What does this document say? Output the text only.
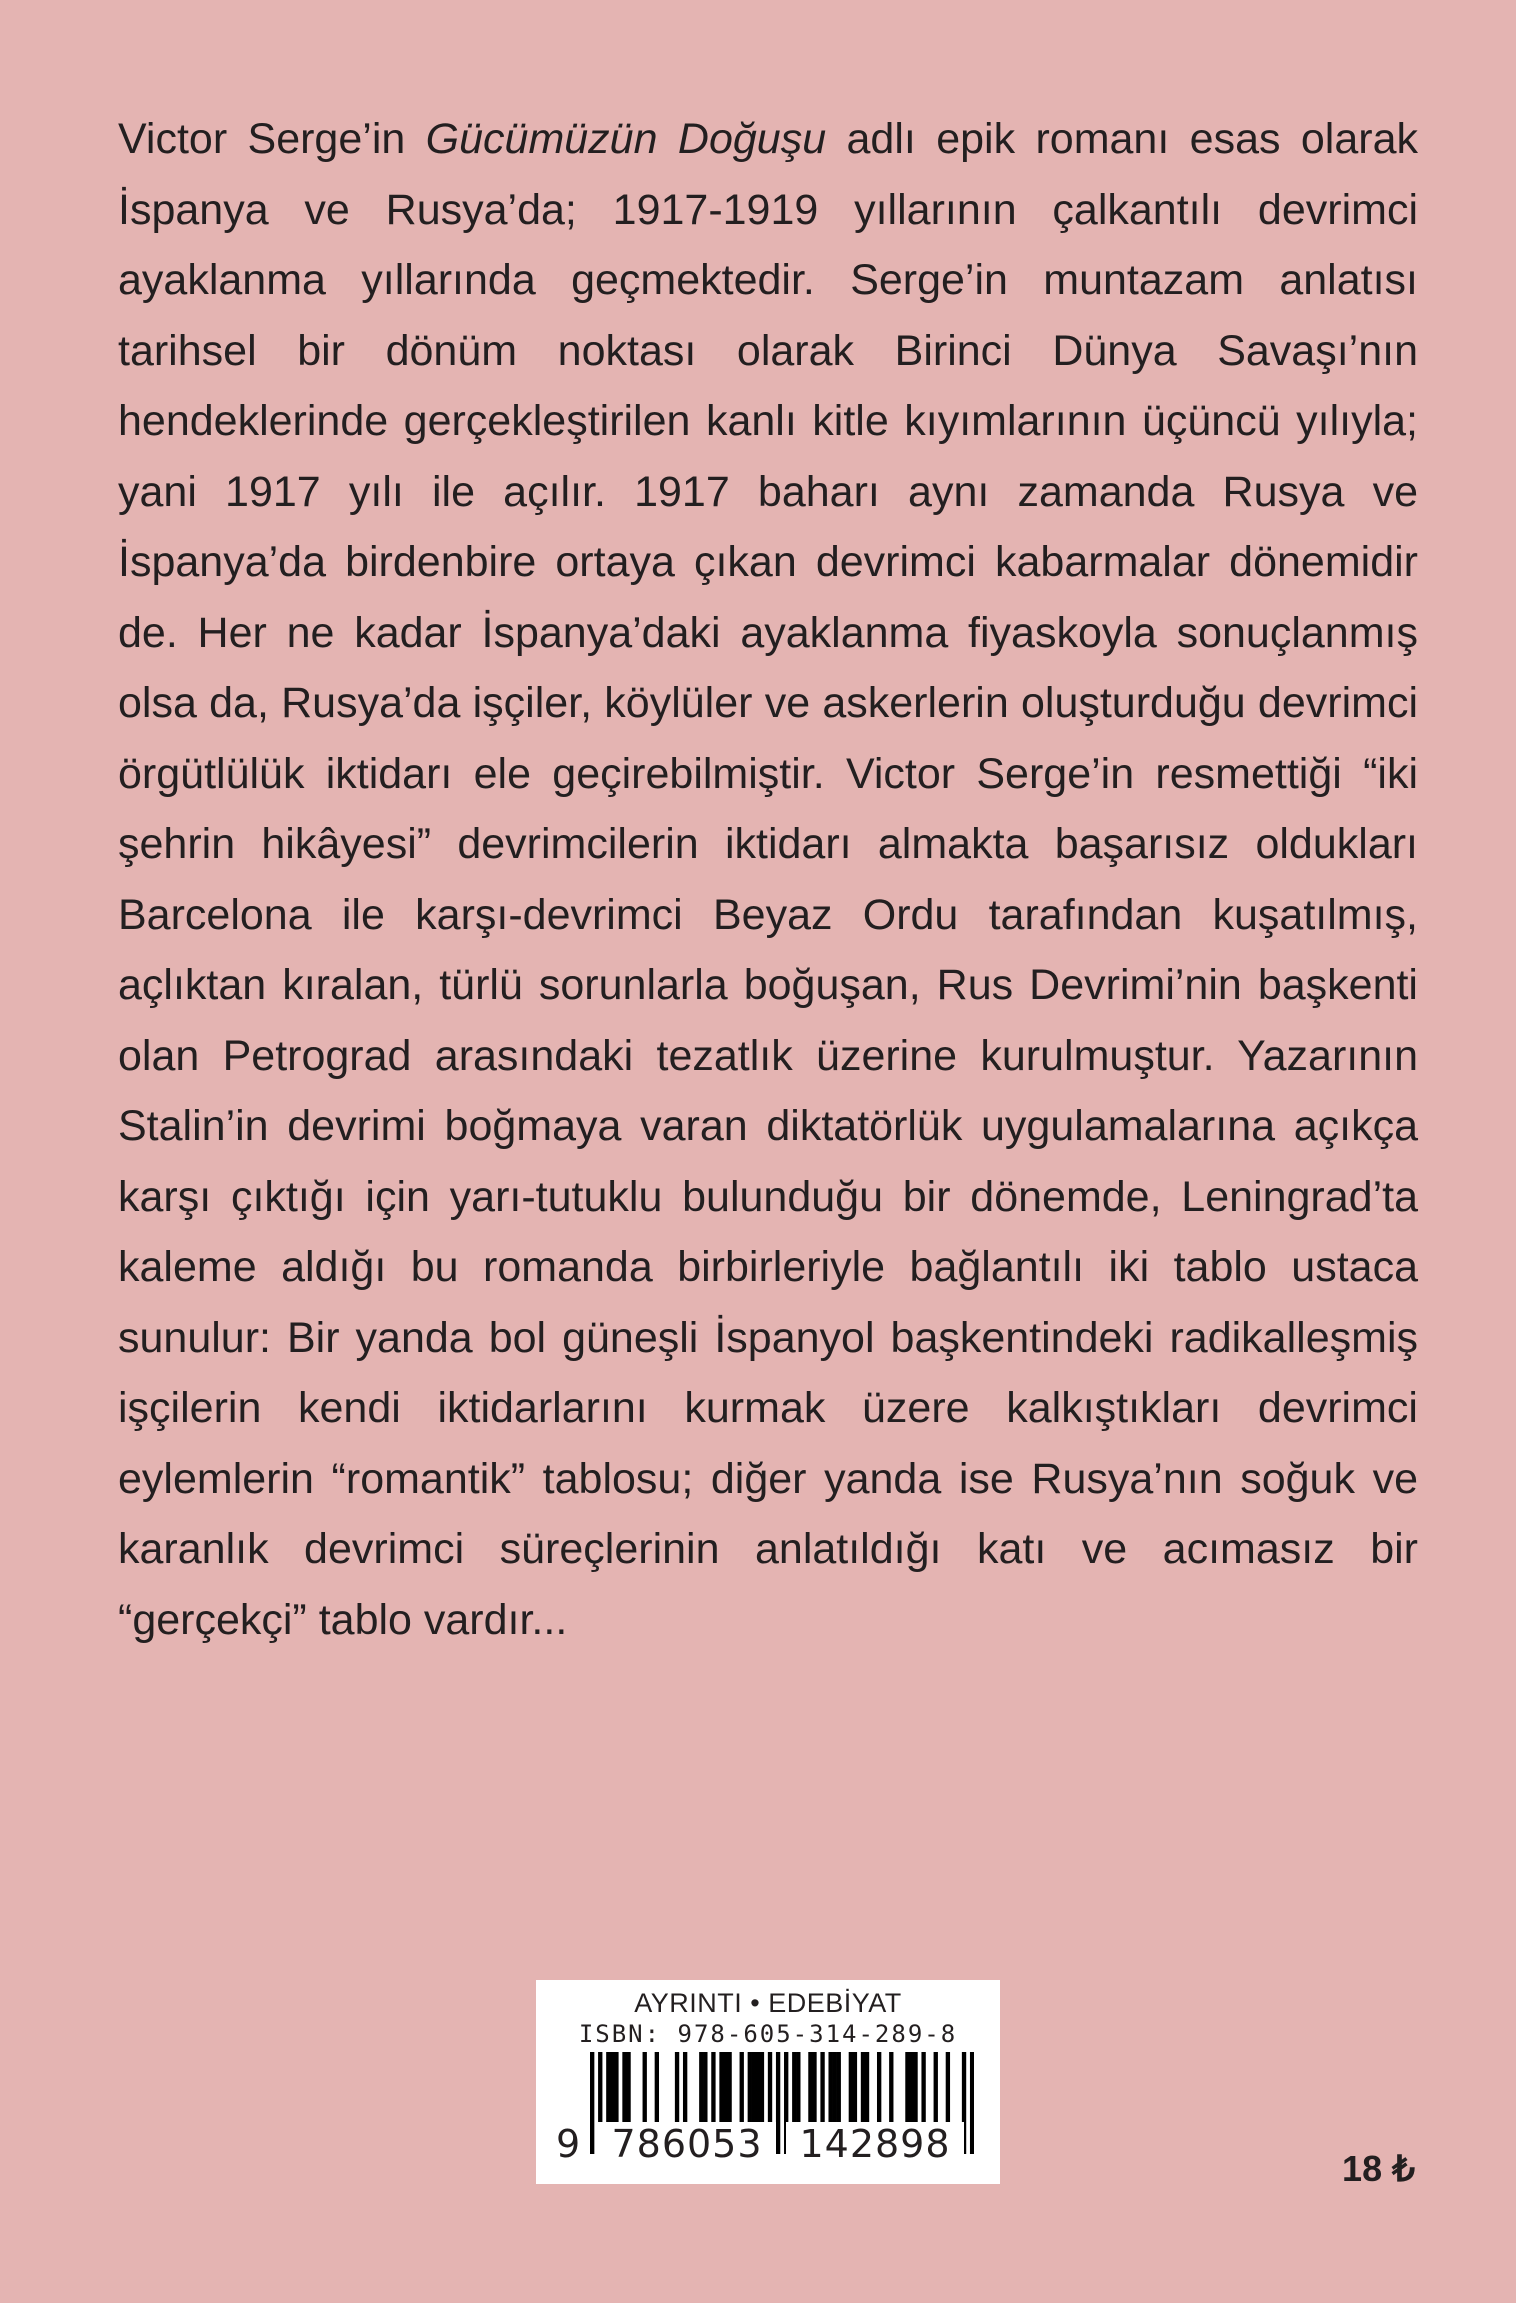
Victor Serge’in Gücümüzün Doğuşu adlı epik romanı esas olarak İspanya ve Rusya’da; 1917-1919 yıllarının çalkantılı devrimci ayaklanma yıllarında geçmektedir. Serge’in muntazam anlatısı tarihsel bir dönüm noktası olarak Birinci Dünya Savaşı’nın hendeklerinde gerçekleştirilen kanlı kitle kıyımlarının üçüncü yılıyla; yani 1917 yılı ile açılır. 1917 baharı aynı zamanda Rusya ve İspanya’da birdenbire ortaya çıkan devrimci kabarmalar dönemidir de. Her ne kadar İspanya’daki ayaklanma fiyaskoyla sonuçlanmış olsa da, Rusya’da işçiler, köylüler ve askerlerin oluşturduğu devrimci örgütlülük iktidarı ele geçirebilmiştir. Victor Serge’in resmettiği “iki şehrin hikâyesi” devrimcilerin iktidarı almakta başarısız oldukları Barcelona ile karşı-devrimci Beyaz Ordu tarafından kuşatılmış, açlıktan kıralan, türlü sorunlarla boğuşan, Rus Devrimi’nin başkenti olan Petrograd arasındaki tezatlık üzerine kurulmuştur. Yazarının Stalin’in devrimi boğmaya varan diktatörlük uygulamalarına açıkça karşı çıktığı için yarı-tutuklu bulunduğu bir dönemde, Leningrad’ta kaleme aldığı bu romanda birbirleriyle bağlantılı iki tablo ustaca sunulur: Bir yanda bol güneşli İspanyol başkentindeki radikalleşmiş işçilerin kendi iktidarlarını kurmak üzere kalkıştıkları devrimci eylemlerin “romantik” tablosu; diğer yanda ise Rusya’nın soğuk ve karanlık devrimci süreçlerinin anlatıldığı katı ve acımasız bir “gerçekçi” tablo vardır...

AYRINTI • EDEBİYAT
ISBN: 978-605-314-289-8
9 786053 142898
18 ₺
